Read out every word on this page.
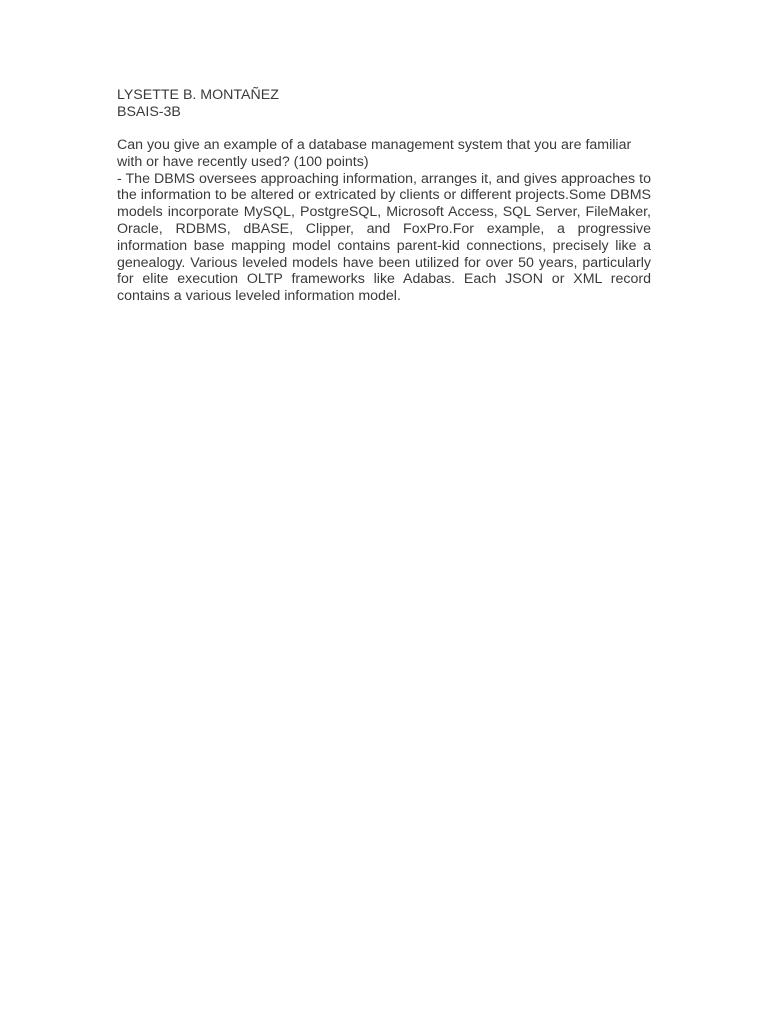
LYSETTE B. MONTAÑEZ
BSAIS-3B

Can you give an example of a database management system that you are familiar with or have recently used? (100 points)

- The DBMS oversees approaching information, arranges it, and gives approaches to the information to be altered or extricated by clients or different projects.Some DBMS models incorporate MySQL, PostgreSQL, Microsoft Access, SQL Server, FileMaker, Oracle, RDBMS, dBASE, Clipper, and FoxPro.For example, a progressive information base mapping model contains parent-kid connections, precisely like a genealogy. Various leveled models have been utilized for over 50 years, particularly for elite execution OLTP frameworks like Adabas. Each JSON or XML record contains a various leveled information model.
